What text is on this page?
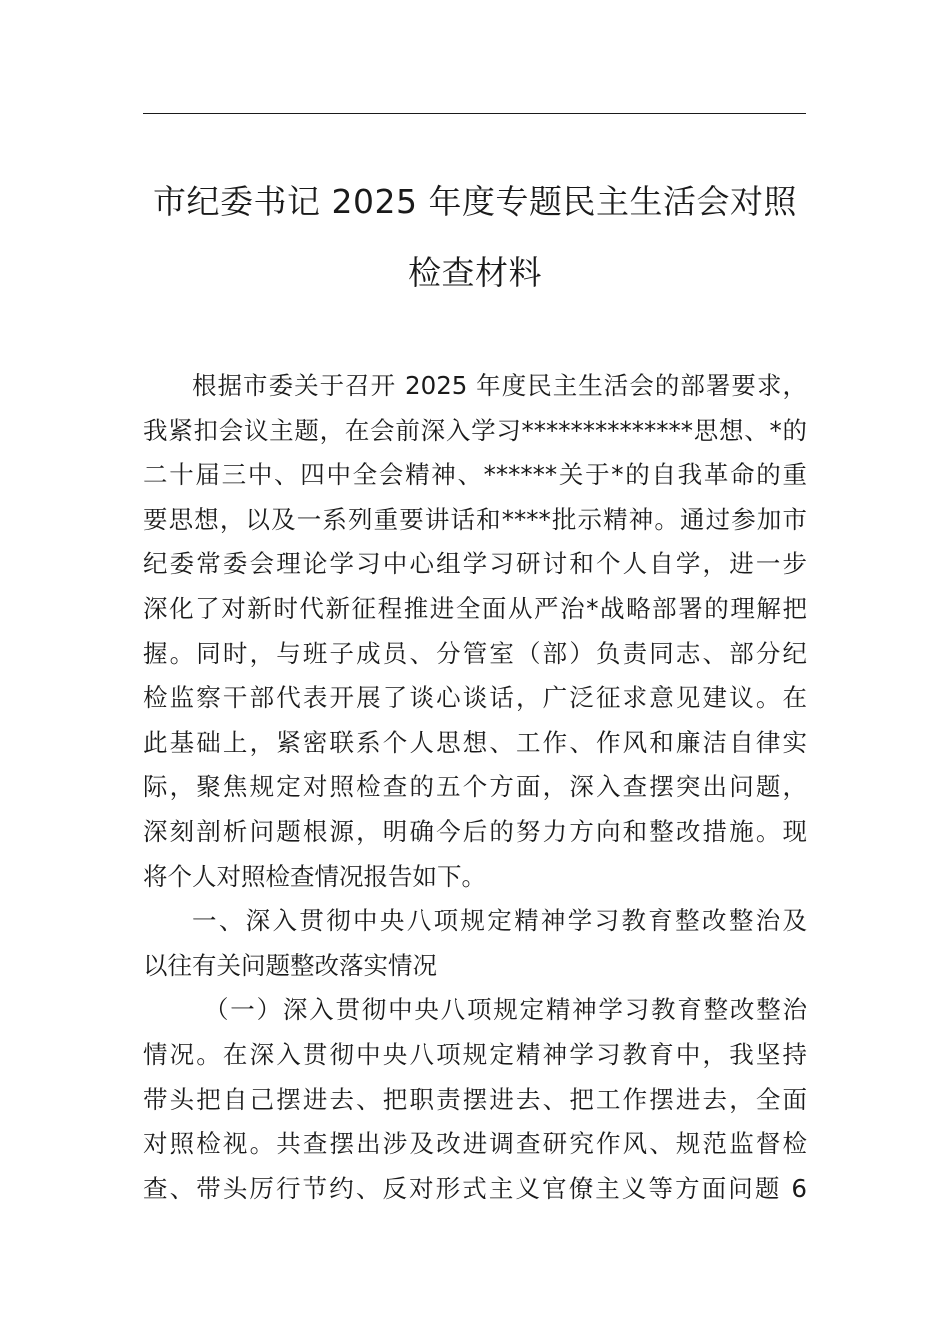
市纪委书记 2025 年度专题民主生活会对照
检查材料
根据市委关于召开 2025 年度民主生活会的部署要求，
我紧扣会议主题，在会前深入学习**************思想、*的
二十届三中、四中全会精神、******关于*的自我革命的重
要思想，以及一系列重要讲话和****批示精神。通过参加市
纪委常委会理论学习中心组学习研讨和个人自学，进一步
深化了对新时代新征程推进全面从严治*战略部署的理解把
握。同时，与班子成员、分管室（部）负责同志、部分纪
检监察干部代表开展了谈心谈话，广泛征求意见建议。在
此基础上，紧密联系个人思想、工作、作风和廉洁自律实
际，聚焦规定对照检查的五个方面，深入查摆突出问题，
深刻剖析问题根源，明确今后的努力方向和整改措施。现
将个人对照检查情况报告如下。
一、深入贯彻中央八项规定精神学习教育整改整治及
以往有关问题整改落实情况
（一）深入贯彻中央八项规定精神学习教育整改整治
情况。在深入贯彻中央八项规定精神学习教育中，我坚持
带头把自己摆进去、把职责摆进去、把工作摆进去，全面
对照检视。共查摆出涉及改进调查研究作风、规范监督检
查、带头厉行节约、反对形式主义官僚主义等方面问题 6
